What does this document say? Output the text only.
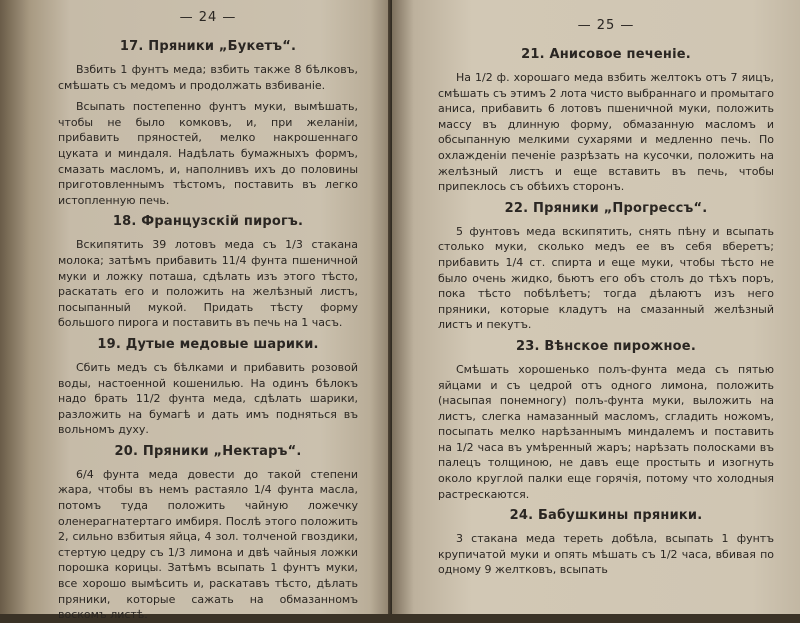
— 24 —
17. Пряники „Букетъ“.

Взбить 1 фунтъ меда; взбить также 8 бѣлковъ, смѣшать съ медомъ и продолжать взбиваніе.

Всыпать постепенно фунтъ муки, вымѣшать, чтобы не было комковъ, и, при желаніи, прибавить пряностей, мелко накрошеннаго цуката и миндаля. Надѣлать бумажныхъ формъ, смазать масломъ, и, наполнивъ ихъ до половины приготовленнымъ тѣстомъ, поставить въ легко истопленную печь.

18. Французскій пирогъ.

Вскипятить 39 лотовъ меда съ 1/3 стакана молока; затѣмъ прибавить 11/4 фунта пшеничной муки и ложку поташа, сдѣлать изъ этого тѣсто, раскатать его и положить на желѣзный листъ, посыпанный мукой. Придать тѣсту форму большого пирога и поставить въ печь на 1 часъ.

19. Дутые медовые шарики.

Сбить медъ съ бѣлками и прибавить розовой воды, настоенной кошенилью. На одинъ бѣлокъ надо брать 11/2 фунта меда, сдѣлать шарики, разложить на бумагѣ и дать имъ подняться въ вольномъ духу.

20. Пряники „Нектаръ“.

6/4 фунта меда довести до такой степени жара, чтобы въ немъ растаяло 1/4 фунта масла, потомъ туда положить чайную ложечку оленерагнатертаго имбиря. Послѣ этого положить 2, сильно взбитыя яйца, 4 зол. толченой гвоздики, стертую цедру съ 1/3 лимона и двѣ чайныя ложки порошка корицы. Затѣмъ всыпать 1 фунтъ муки, все хорошо вымѣсить и, раскатавъ тѣсто, дѣлать пряники, которые сажать на обмазанномъ воскомъ листѣ.

— 25 —
21. Анисовое печеніе.

На 1/2 ф. хорошаго меда взбить желтокъ отъ 7 яицъ, смѣшать съ этимъ 2 лота чисто выбраннаго и промытаго аниса, прибавить 6 лотовъ пшеничной муки, положить массу въ длинную форму, обмазанную масломъ и обсыпанную мелкими сухарями и медленно печь. По охлажденіи печеніе разрѣзать на кусочки, положить на желѣзный листъ и еще вставить въ печь, чтобы припеклось съ обѣихъ сторонъ.

22. Пряники „Прогрессъ“.

5 фунтовъ меда вскипятить, снять пѣну и всыпать столько муки, сколько медъ ее въ себя вберетъ; прибавить 1/4 ст. спирта и еще муки, чтобы тѣсто не было очень жидко, бьютъ его объ столъ до тѣхъ поръ, пока тѣсто побѣлѣетъ; тогда дѣлаютъ изъ него пряники, которые кладутъ на смазанный желѣзный листъ и пекутъ.

23. Вѣнское пирожное.

Смѣшать хорошенько полъ-фунта меда съ пятью яйцами и съ цедрой отъ одного лимона, положить (насыпая понемногу) полъ-фунта муки, выложить на листъ, слегка намазанный масломъ, сгладить ножомъ, посыпать мелко нарѣзаннымъ миндалемъ и поставить на 1/2 часа въ умѣренный жаръ; нарѣзать полосками въ палецъ толщиною, не давъ еще простыть и изогнуть около круглой палки еще горячія, потому что холодныя растрескаются.

24. Бабушкины пряники.

3 стакана меда тереть добѣла, всыпать 1 фунтъ крупичатой муки и опять мѣшать съ 1/2 часа, вбивая по одному 9 желтковъ, всыпать
